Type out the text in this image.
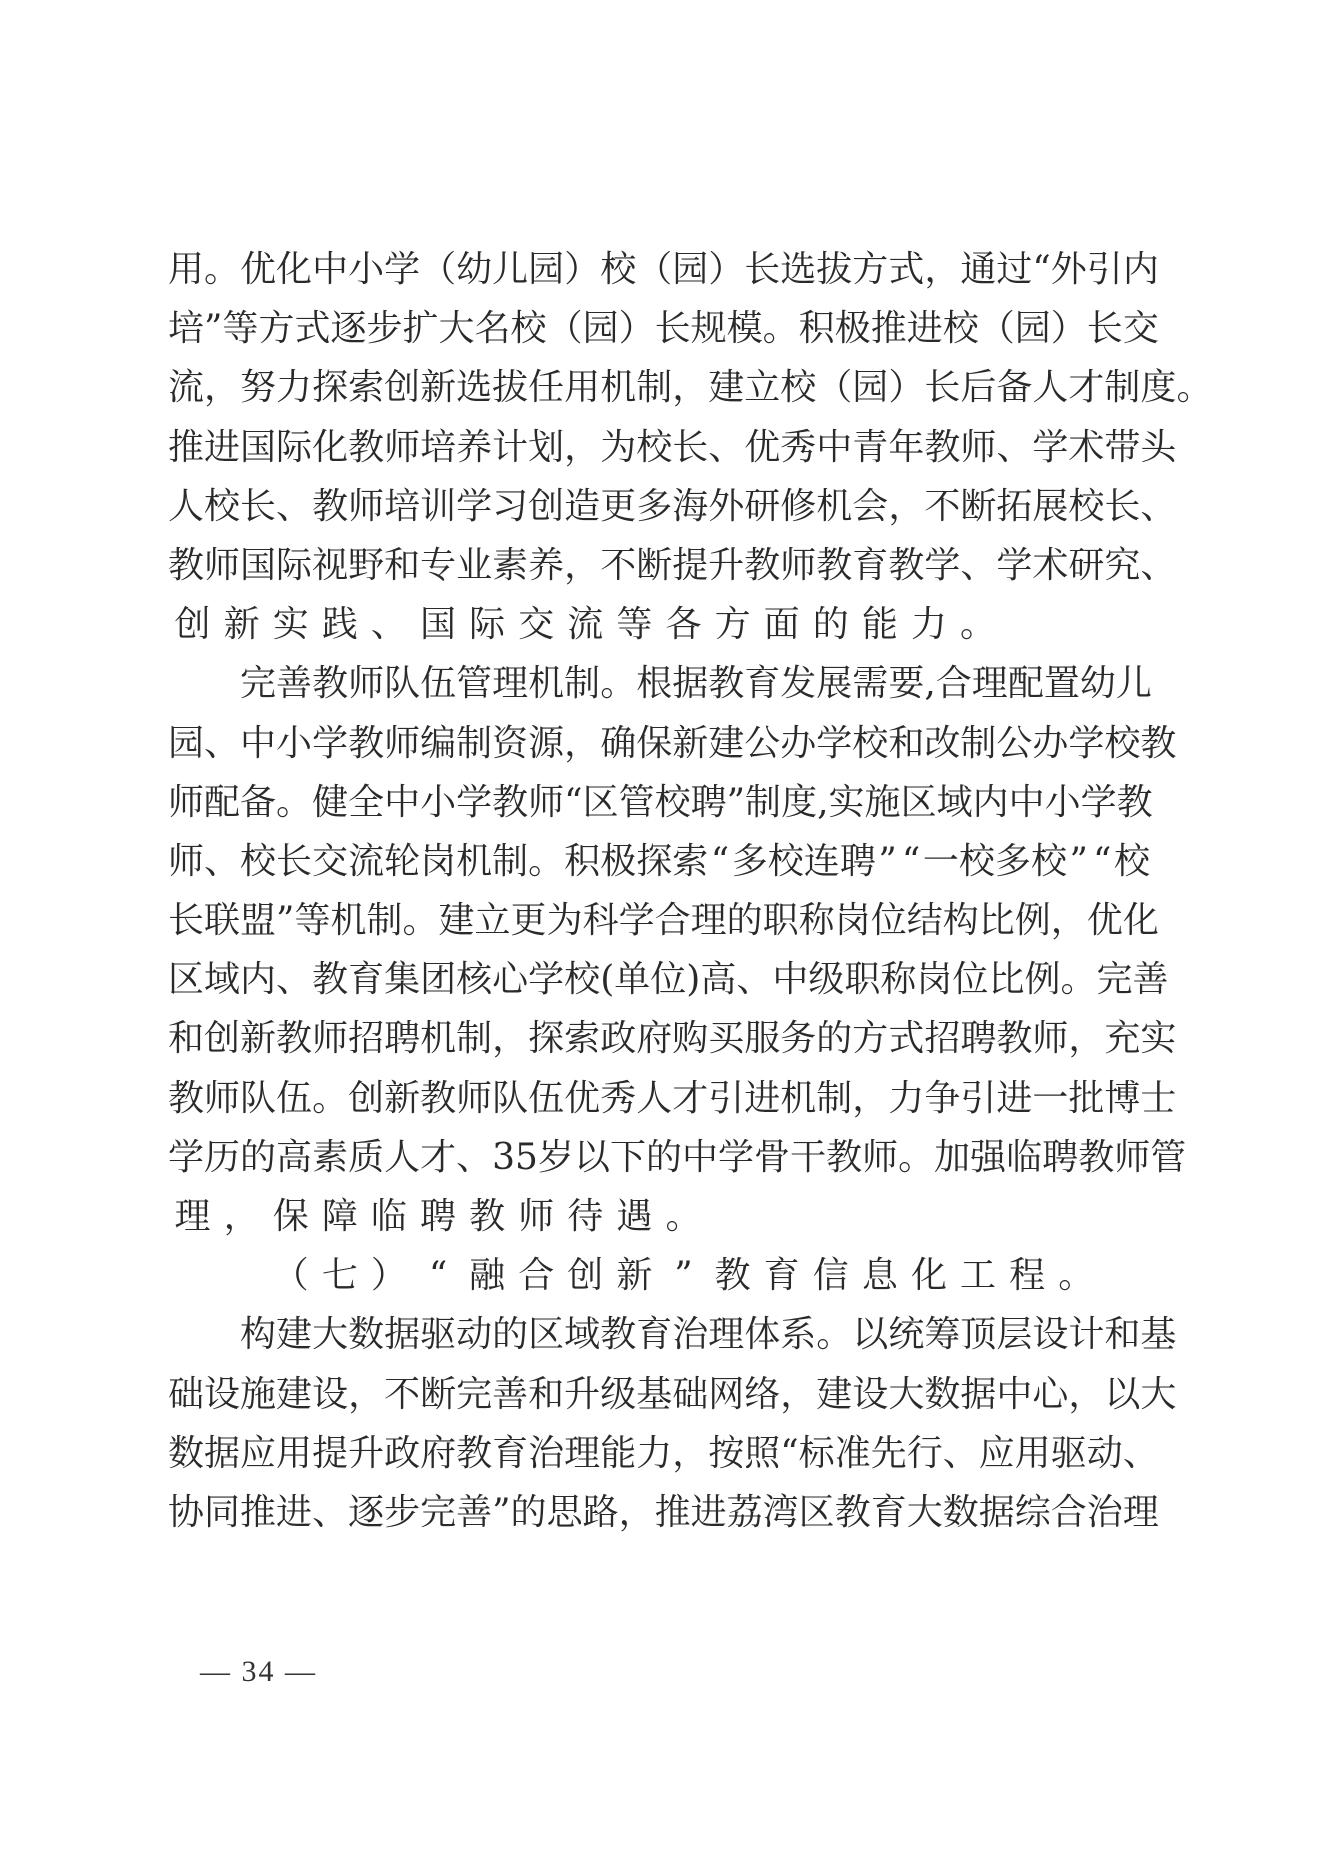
用 。 优 化 中 小 学 （ 幼 儿 园 ） 校 （ 园 ） 长 选 拔 方 式 ， 通 过 “ 外 引 内
培 ” 等 方 式 逐 步 扩 大 名 校 （ 园 ） 长 规 模 。 积 极 推 进 校 （ 园 ） 长 交
流 ， 努 力 探 索 创 新 选 拔 任 用 机 制 ， 建 立 校 （ 园 ） 长 后 备 人 才 制 度 。
推 进 国 际 化 教 师 培 养 计 划 ， 为 校 长 、 优 秀 中 青 年 教 师 、 学 术 带 头
人 校 长 、 教 师 培 训 学 习 创 造 更 多 海 外 研 修 机 会 ， 不 断 拓 展 校 长 、
教 师 国 际 视 野 和 专 业 素 养 ， 不 断 提 升 教 师 教 育 教 学 、 学 术 研 究 、
创 新 实 践 、 国 际 交 流 等 各 方 面 的 能 力 。

完 善 教 师 队 伍 管 理 机 制 。 根 据 教 育 发 展 需 要 , 合 理 配 置 幼 儿
园 、 中 小 学 教 师 编 制 资 源 ， 确 保 新 建 公 办 学 校 和 改 制 公 办 学 校 教
师 配 备 。 健 全 中 小 学 教 师 “ 区 管 校 聘 ” 制 度 , 实 施 区 域 内 中 小 学 教
师 、 校 长 交 流 轮 岗 机 制 。 积 极 探 索 “ 多 校 连 聘 ” “ 一 校 多 校 ” “ 校
长 联 盟 ” 等 机 制 。 建 立 更 为 科 学 合 理 的 职 称 岗 位 结 构 比 例 ， 优 化
区 域 内 、 教 育 集 团 核 心 学 校 ( 单 位 ) 高 、 中 级 职 称 岗 位 比 例 。 完 善
和 创 新 教 师 招 聘 机 制 ， 探 索 政 府 购 买 服 务 的 方 式 招 聘 教 师 ， 充 实
教 师 队 伍 。 创 新 教 师 队 伍 优 秀 人 才 引 进 机 制 ， 力 争 引 进 一 批 博 士
学 历 的 高 素 质 人 才 、 3 5 岁 以 下 的 中 学 骨 干 教 师 。 加 强 临 聘 教 师 管
理 ， 保 障 临 聘 教 师 待 遇 。

（ 七 ） “ 融 合 创 新 ” 教 育 信 息 化 工 程 。

构 建 大 数 据 驱 动 的 区 域 教 育 治 理 体 系 。 以 统 筹 顶 层 设 计 和 基
础 设 施 建 设 ， 不 断 完 善 和 升 级 基 础 网 络 ， 建 设 大 数 据 中 心 ， 以 大
数 据 应 用 提 升 政 府 教 育 治 理 能 力 ， 按 照 “ 标 准 先 行 、 应 用 驱 动 、
协 同 推 进 、 逐 步 完 善 ” 的 思 路 ， 推 进 荔 湾 区 教 育 大 数 据 综 合 治 理
— 34 —
